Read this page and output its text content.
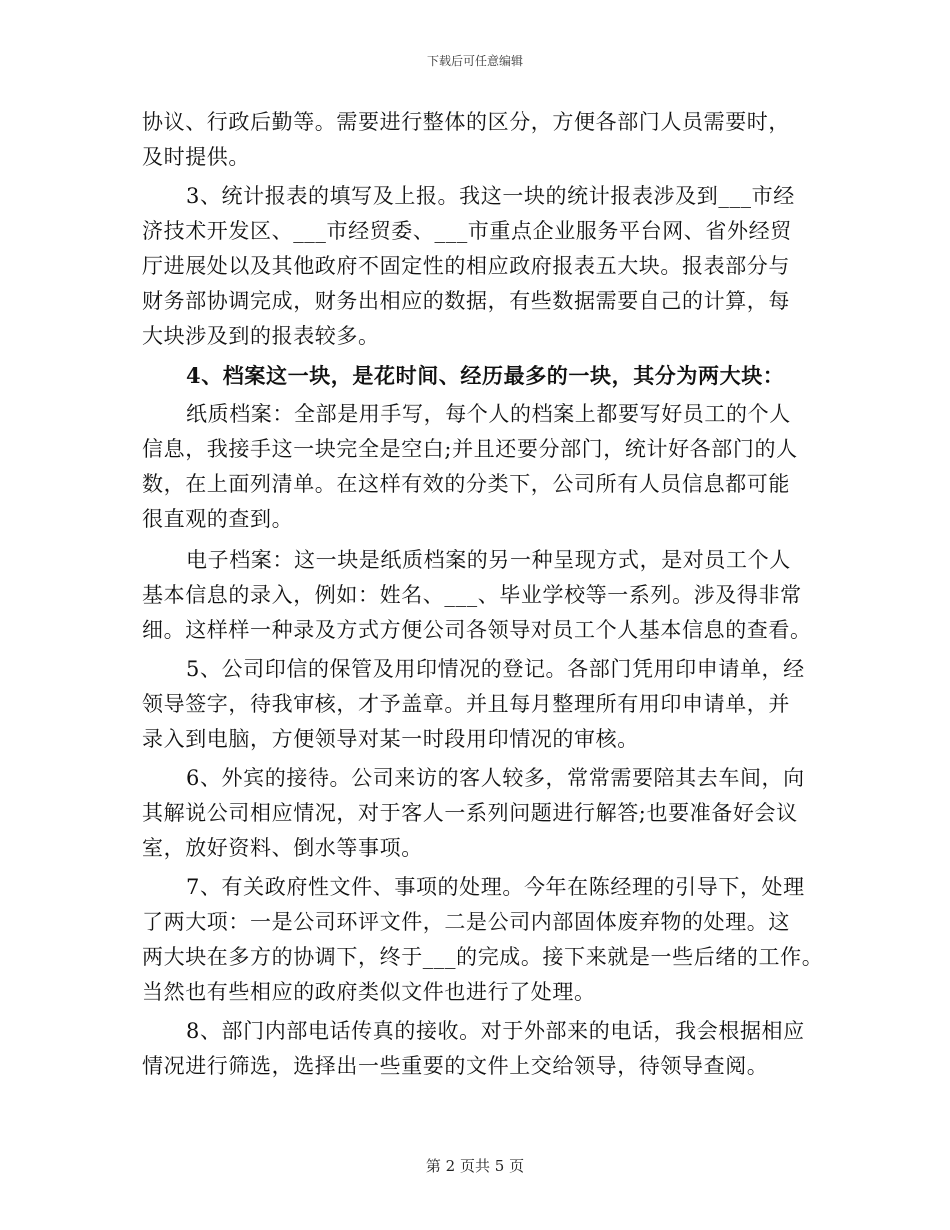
下载后可任意编辑
协议、行政后勤等。需要进行整体的区分，方便各部门人员需要时，
及时提供。
3、统计报表的填写及上报。我这一块的统计报表涉及到___市经
济技术开发区、___市经贸委、___市重点企业服务平台网、省外经贸
厅进展处以及其他政府不固定性的相应政府报表五大块。报表部分与
财务部协调完成，财务出相应的数据，有些数据需要自己的计算，每
大块涉及到的报表较多。
4、档案这一块，是花时间、经历最多的一块，其分为两大块：
纸质档案：全部是用手写，每个人的档案上都要写好员工的个人
信息，我接手这一块完全是空白;并且还要分部门，统计好各部门的人
数，在上面列清单。在这样有效的分类下，公司所有人员信息都可能
很直观的查到。
电子档案：这一块是纸质档案的另一种呈现方式，是对员工个人
基本信息的录入，例如：姓名、___、毕业学校等一系列。涉及得非常
细。这样样一种录及方式方便公司各领导对员工个人基本信息的查看。
5、公司印信的保管及用印情况的登记。各部门凭用印申请单，经
领导签字，待我审核，才予盖章。并且每月整理所有用印申请单，并
录入到电脑，方便领导对某一时段用印情况的审核。
6、外宾的接待。公司来访的客人较多，常常需要陪其去车间，向
其解说公司相应情况，对于客人一系列问题进行解答;也要准备好会议
室，放好资料、倒水等事项。
7、有关政府性文件、事项的处理。今年在陈经理的引导下，处理
了两大项：一是公司环评文件，二是公司内部固体废弃物的处理。这
两大块在多方的协调下，终于___的完成。接下来就是一些后绪的工作。
当然也有些相应的政府类似文件也进行了处理。
8、部门内部电话传真的接收。对于外部来的电话，我会根据相应
情况进行筛选，选择出一些重要的文件上交给领导，待领导查阅。
第 2 页共 5 页
